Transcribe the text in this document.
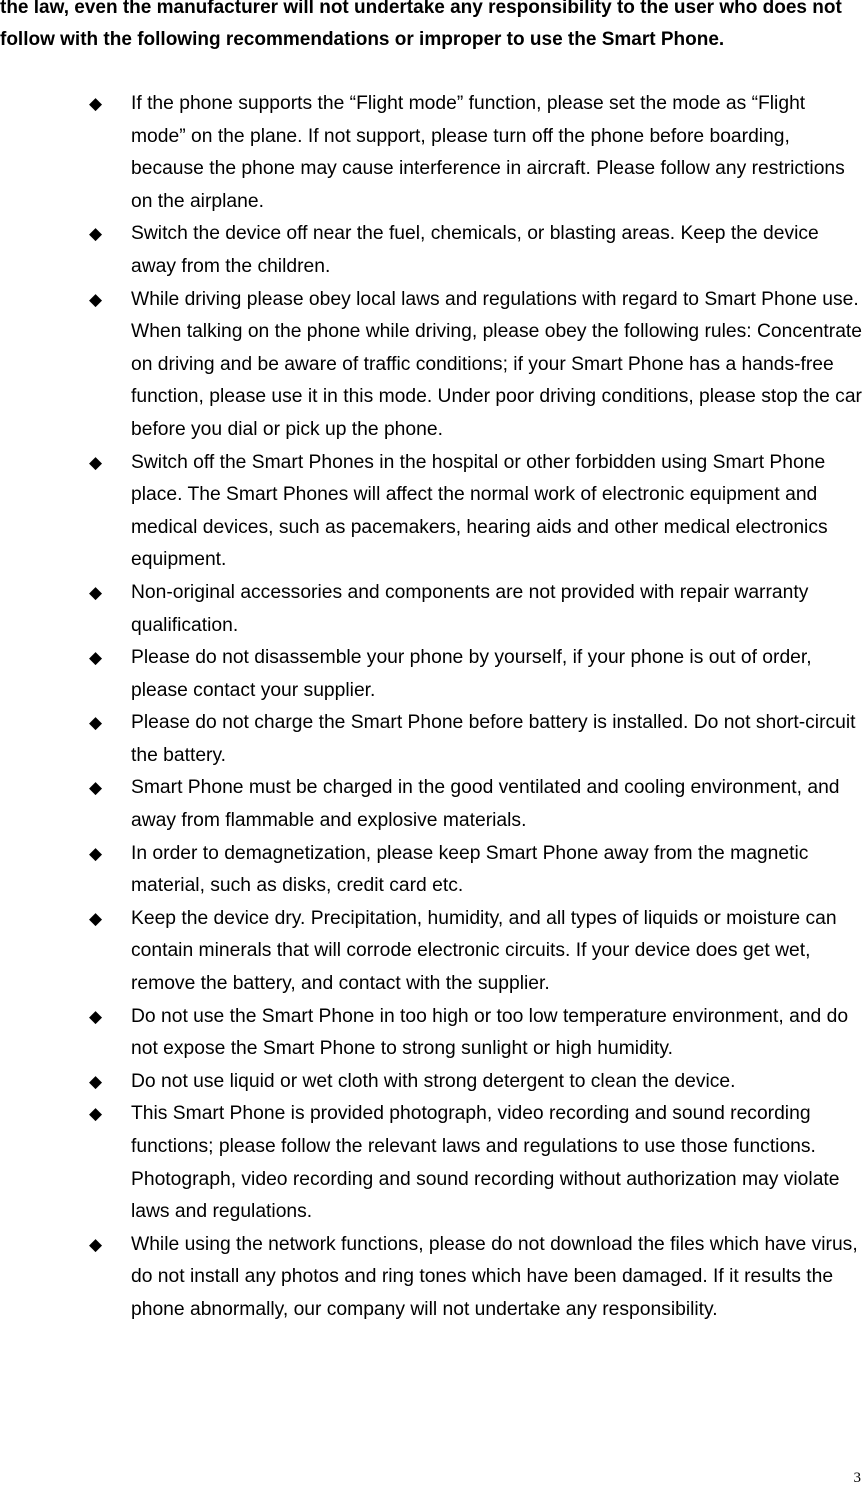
the law, even the manufacturer will not undertake any responsibility to the user who does not follow with the following recommendations or improper to use the Smart Phone.

◆ If the phone supports the “Flight mode” function, please set the mode as “Flight mode” on the plane. If not support, please turn off the phone before boarding, because the phone may cause interference in aircraft. Please follow any restrictions on the airplane.
◆ Switch the device off near the fuel, chemicals, or blasting areas. Keep the device away from the children.
◆ While driving please obey local laws and regulations with regard to Smart Phone use. When talking on the phone while driving, please obey the following rules: Concentrate on driving and be aware of traffic conditions; if your Smart Phone has a hands-free function, please use it in this mode. Under poor driving conditions, please stop the car before you dial or pick up the phone.
◆ Switch off the Smart Phones in the hospital or other forbidden using Smart Phone place. The Smart Phones will affect the normal work of electronic equipment and medical devices, such as pacemakers, hearing aids and other medical electronics equipment.
◆ Non-original accessories and components are not provided with repair warranty qualification.
◆ Please do not disassemble your phone by yourself, if your phone is out of order, please contact your supplier.
◆ Please do not charge the Smart Phone before battery is installed. Do not short-circuit the battery.
◆ Smart Phone must be charged in the good ventilated and cooling environment, and away from flammable and explosive materials.
◆ In order to demagnetization, please keep Smart Phone away from the magnetic material, such as disks, credit card etc.
◆ Keep the device dry. Precipitation, humidity, and all types of liquids or moisture can contain minerals that will corrode electronic circuits. If your device does get wet, remove the battery, and contact with the supplier.
◆ Do not use the Smart Phone in too high or too low temperature environment, and do not expose the Smart Phone to strong sunlight or high humidity.
◆ Do not use liquid or wet cloth with strong detergent to clean the device.
◆ This Smart Phone is provided photograph, video recording and sound recording functions; please follow the relevant laws and regulations to use those functions. Photograph, video recording and sound recording without authorization may violate laws and regulations.
◆ While using the network functions, please do not download the files which have virus, do not install any photos and ring tones which have been damaged. If it results the phone abnormally, our company will not undertake any responsibility.
3
